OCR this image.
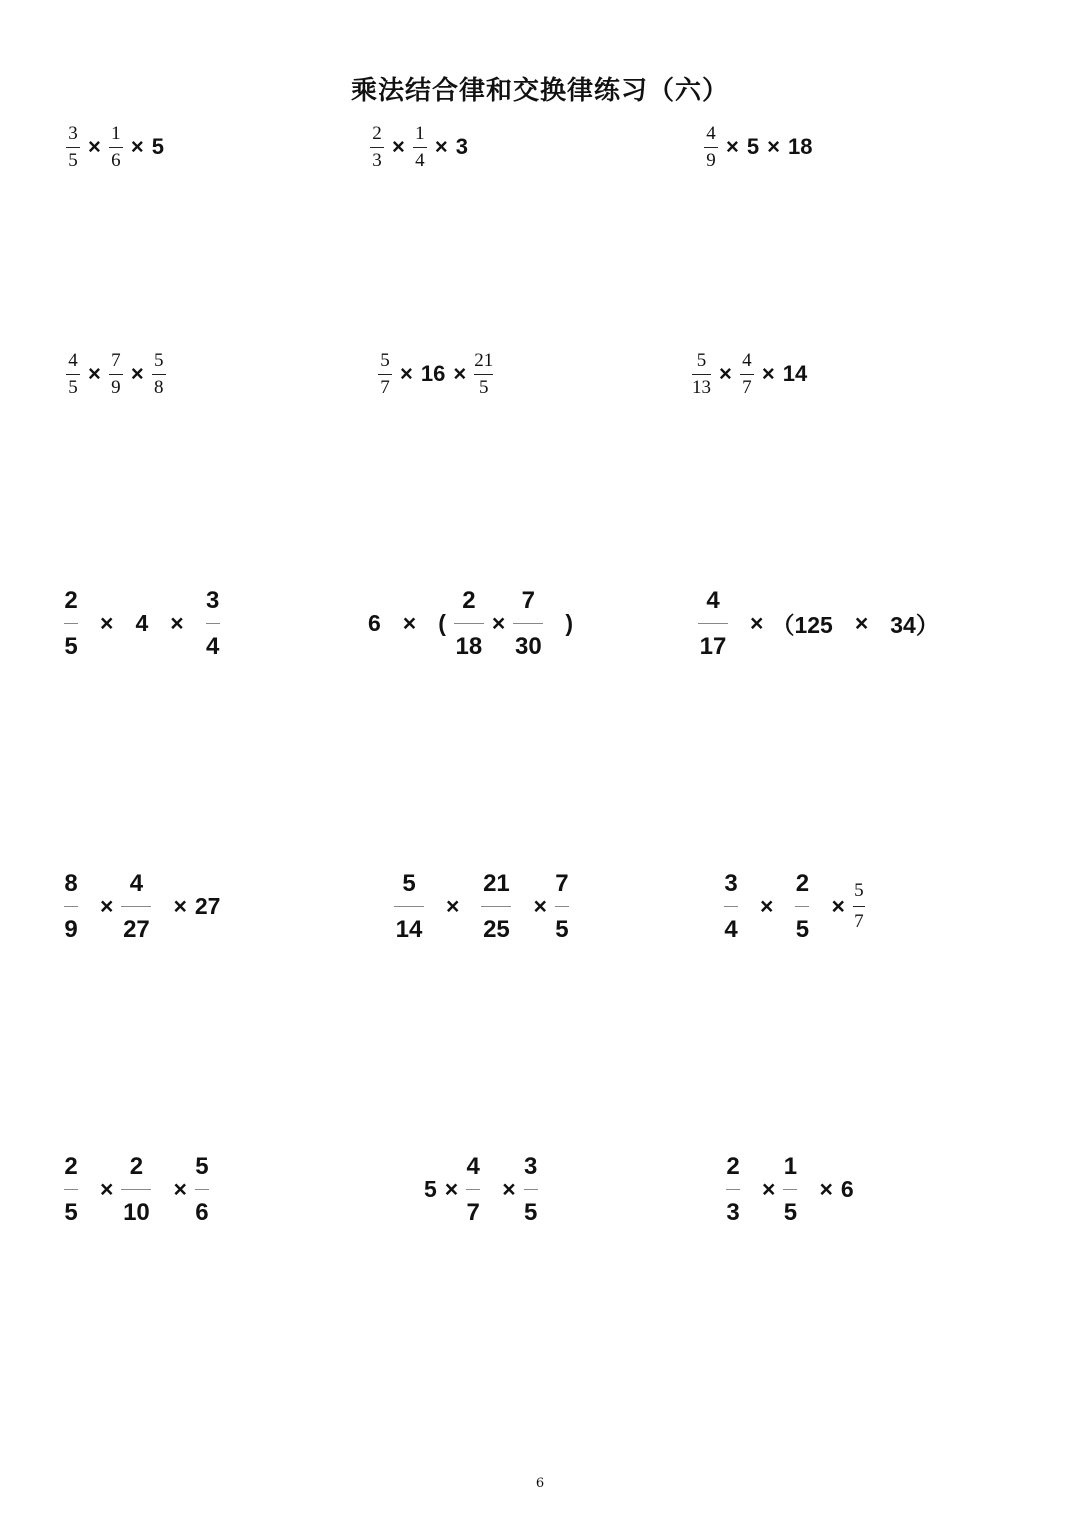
乘法结合律和交换律练习（六）
$\frac{3}{5} \times \frac{1}{6} \times 5$	$\frac{2}{3} \times \frac{1}{4} \times 3$	$\frac{4}{9} \times 5 \times 18$
$\frac{4}{5} \times \frac{7}{9} \times \frac{5}{8}$	$\frac{5}{7} \times 16 \times \frac{21}{5}$	$\frac{5}{13} \times \frac{4}{7} \times 14$
$\frac{2}{5} \times 4 \times \frac{3}{4}$	6 × ( $\frac{2}{18} \times \frac{7}{30}$ )	$\frac{4}{17} \times (125 \times 34)$
$\frac{8}{9} \times \frac{4}{27} \times 27$	$\frac{5}{14} \times \frac{21}{25} \times \frac{7}{5}$	$\frac{3}{4} \times \frac{2}{5} \times \frac{5}{7}$
$\frac{2}{5} \times \frac{2}{10} \times \frac{5}{6}$	$5 \times \frac{4}{7} \times \frac{3}{5}$	$\frac{2}{3} \times \frac{1}{5} \times 6$
6
